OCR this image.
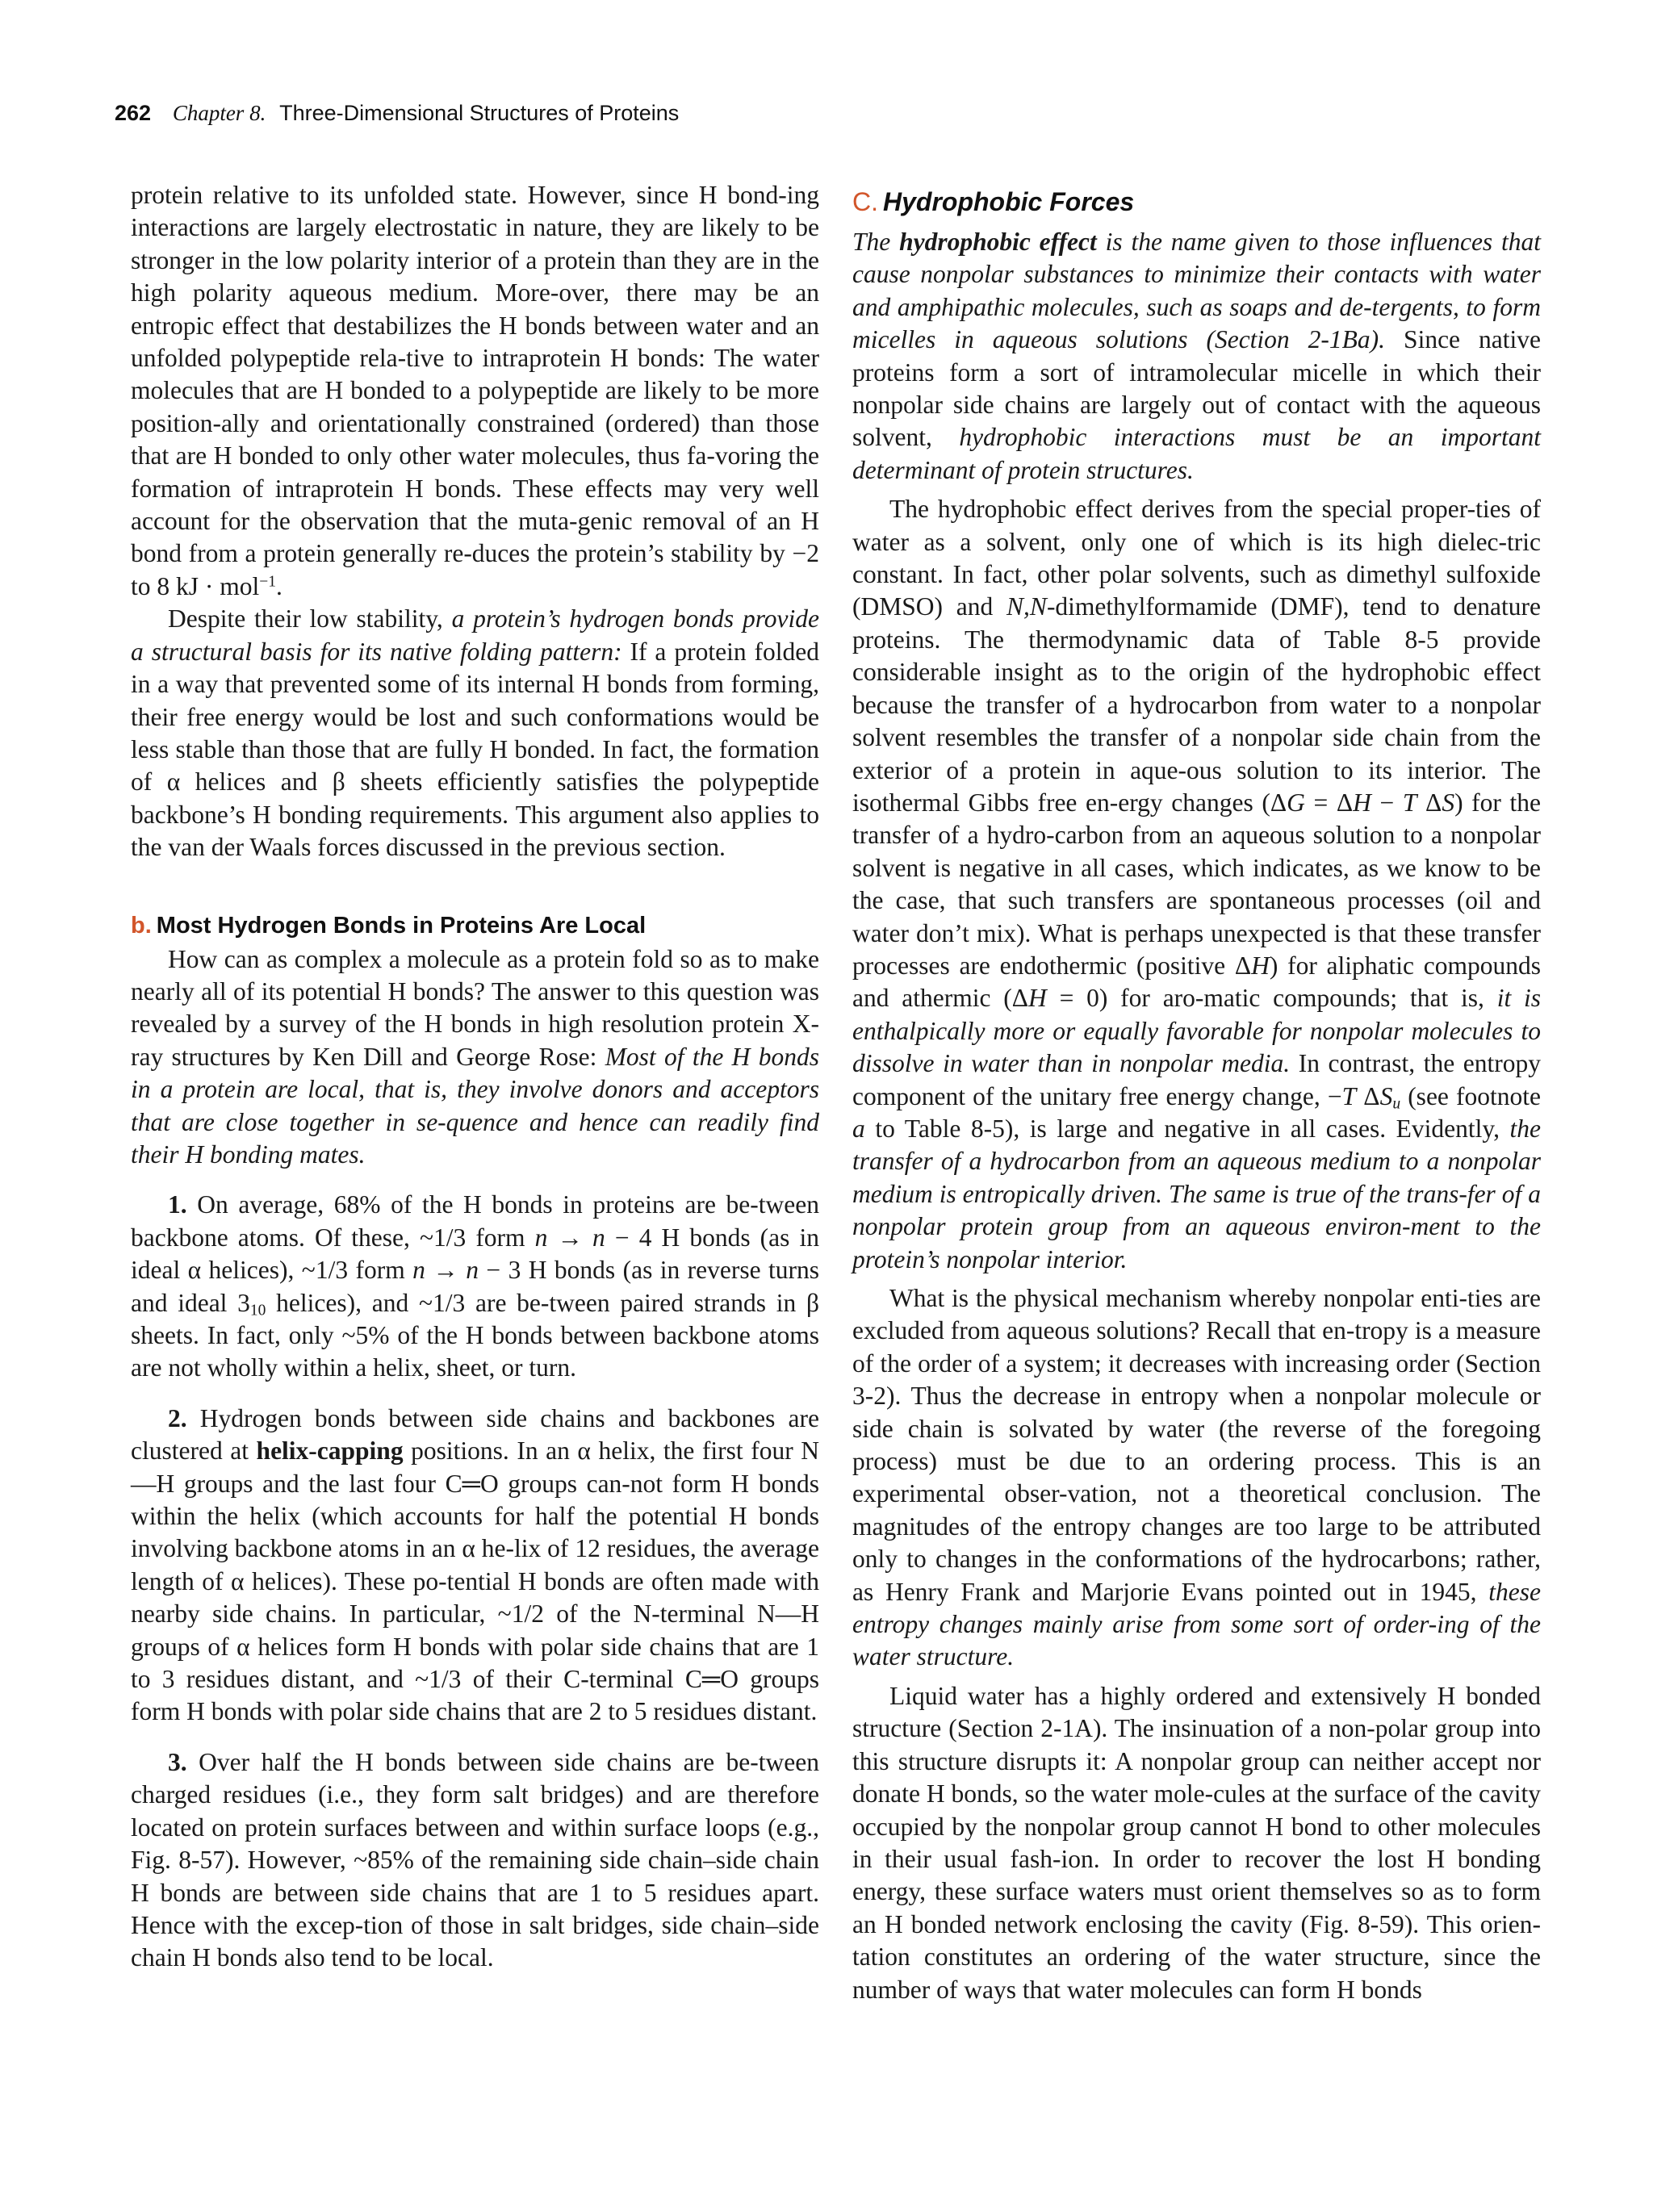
262 Chapter 8. Three-Dimensional Structures of Proteins

protein relative to its unfolded state. However, since H bond-ing interactions are largely electrostatic in nature, they are likely to be stronger in the low polarity interior of a protein than they are in the high polarity aqueous medium. More-over, there may be an entropic effect that destabilizes the H bonds between water and an unfolded polypeptide rela-tive to intraprotein H bonds: The water molecules that are H bonded to a polypeptide are likely to be more position-ally and orientationally constrained (ordered) than those that are H bonded to only other water molecules, thus fa-voring the formation of intraprotein H bonds. These effects may very well account for the observation that the muta-genic removal of an H bond from a protein generally re-duces the protein’s stability by −2 to 8 kJ · mol$^{-1}$.

Despite their low stability, a protein’s hydrogen bonds provide a structural basis for its native folding pattern: If a protein folded in a way that prevented some of its internal H bonds from forming, their free energy would be lost and such conformations would be less stable than those that are fully H bonded. In fact, the formation of α helices and β sheets efficiently satisfies the polypeptide backbone’s H bonding requirements. This argument also applies to the van der Waals forces discussed in the previous section.

b. Most Hydrogen Bonds in Proteins Are Local

How can as complex a molecule as a protein fold so as to make nearly all of its potential H bonds? The answer to this question was revealed by a survey of the H bonds in high resolution protein X-ray structures by Ken Dill and George Rose: Most of the H bonds in a protein are local, that is, they involve donors and acceptors that are close together in se-quence and hence can readily find their H bonding mates.

1. On average, 68% of the H bonds in proteins are be-tween backbone atoms. Of these, ~1/3 form n → n − 4 H bonds (as in ideal α helices), ~1/3 form n → n − 3 H bonds (as in reverse turns and ideal $3_{10}$ helices), and ~1/3 are be-tween paired strands in β sheets. In fact, only ~5% of the H bonds between backbone atoms are not wholly within a helix, sheet, or turn.

2. Hydrogen bonds between side chains and backbones are clustered at helix-capping positions. In an α helix, the first four N—H groups and the last four C═O groups can-not form H bonds within the helix (which accounts for half the potential H bonds involving backbone atoms in an α he-lix of 12 residues, the average length of α helices). These po-tential H bonds are often made with nearby side chains. In particular, ~1/2 of the N-terminal N—H groups of α helices form H bonds with polar side chains that are 1 to 3 residues distant, and ~1/3 of their C-terminal C═O groups form H bonds with polar side chains that are 2 to 5 residues distant.

3. Over half the H bonds between side chains are be-tween charged residues (i.e., they form salt bridges) and are therefore located on protein surfaces between and within surface loops (e.g., Fig. 8-57). However, ~85% of the remaining side chain–side chain H bonds are between side chains that are 1 to 5 residues apart. Hence with the excep-tion of those in salt bridges, side chain–side chain H bonds also tend to be local.

C. Hydrophobic Forces

The hydrophobic effect is the name given to those influences that cause nonpolar substances to minimize their contacts with water and amphipathic molecules, such as soaps and de-tergents, to form micelles in aqueous solutions (Section 2-1Ba). Since native proteins form a sort of intramolecular micelle in which their nonpolar side chains are largely out of contact with the aqueous solvent, hydrophobic interactions must be an important determinant of protein structures.

The hydrophobic effect derives from the special proper-ties of water as a solvent, only one of which is its high dielec-tric constant. In fact, other polar solvents, such as dimethyl sulfoxide (DMSO) and N,N-dimethylformamide (DMF), tend to denature proteins. The thermodynamic data of Table 8-5 provide considerable insight as to the origin of the hydrophobic effect because the transfer of a hydrocarbon from water to a nonpolar solvent resembles the transfer of a nonpolar side chain from the exterior of a protein in aque-ous solution to its interior. The isothermal Gibbs free en-ergy changes (ΔG = ΔH − T ΔS) for the transfer of a hydro-carbon from an aqueous solution to a nonpolar solvent is negative in all cases, which indicates, as we know to be the case, that such transfers are spontaneous processes (oil and water don’t mix). What is perhaps unexpected is that these transfer processes are endothermic (positive ΔH) for aliphatic compounds and athermic (ΔH = 0) for aro-matic compounds; that is, it is enthalpically more or equally favorable for nonpolar molecules to dissolve in water than in nonpolar media. In contrast, the entropy component of the unitary free energy change, −T $\Delta S_u$ (see footnote a to Table 8-5), is large and negative in all cases. Evidently, the transfer of a hydrocarbon from an aqueous medium to a nonpolar medium is entropically driven. The same is true of the trans-fer of a nonpolar protein group from an aqueous environ-ment to the protein’s nonpolar interior.

What is the physical mechanism whereby nonpolar enti-ties are excluded from aqueous solutions? Recall that en-tropy is a measure of the order of a system; it decreases with increasing order (Section 3-2). Thus the decrease in entropy when a nonpolar molecule or side chain is solvated by water (the reverse of the foregoing process) must be due to an ordering process. This is an experimental obser-vation, not a theoretical conclusion. The magnitudes of the entropy changes are too large to be attributed only to changes in the conformations of the hydrocarbons; rather, as Henry Frank and Marjorie Evans pointed out in 1945, these entropy changes mainly arise from some sort of order-ing of the water structure.

Liquid water has a highly ordered and extensively H bonded structure (Section 2-1A). The insinuation of a non-polar group into this structure disrupts it: A nonpolar group can neither accept nor donate H bonds, so the water mole-cules at the surface of the cavity occupied by the nonpolar group cannot H bond to other molecules in their usual fash-ion. In order to recover the lost H bonding energy, these surface waters must orient themselves so as to form an H bonded network enclosing the cavity (Fig. 8-59). This orien-tation constitutes an ordering of the water structure, since the number of ways that water molecules can form H bonds
